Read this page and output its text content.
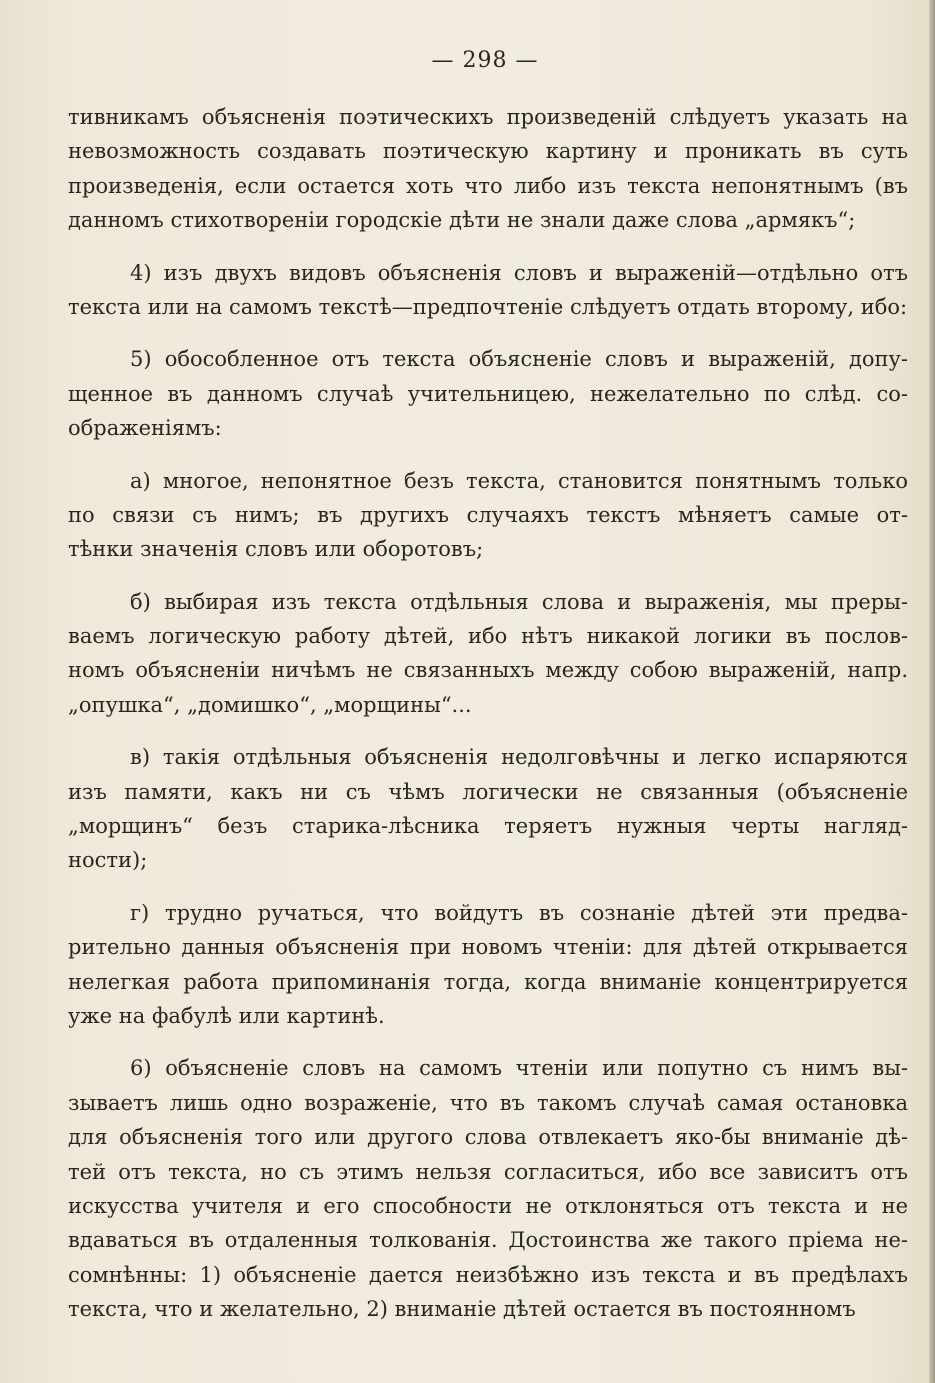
— 298 —
тивникамъ объясненія поэтическихъ произведеній слѣдуетъ указать на
невозможность создавать поэтическую картину и проникать въ суть
произведенія, если остается хоть что либо изъ текста непонятнымъ (въ
данномъ стихотвореніи городскіе дѣти не знали даже слова „армякъ“;
4) изъ двухъ видовъ объясненія словъ и выраженій—отдѣльно отъ
текста или на самомъ текстѣ—предпочтеніе слѣдуетъ отдать второму, ибо:
5) обособленное отъ текста объясненіе словъ и выраженій, допу-
щенное въ данномъ случаѣ учительницею, нежелательно по слѣд. со-
ображеніямъ:
а) многое, непонятное безъ текста, становится понятнымъ только
по связи съ нимъ; въ другихъ случаяхъ текстъ мѣняетъ самые от-
тѣнки значенія словъ или оборотовъ;
б) выбирая изъ текста отдѣльныя слова и выраженія, мы преры-
ваемъ логическую работу дѣтей, ибо нѣтъ никакой логики въ послов-
номъ объясненіи ничѣмъ не связанныхъ между собою выраженій, напр.
„опушка“, „домишко“, „морщины“...
в) такія отдѣльныя объясненія недолговѣчны и легко испаряются
изъ памяти, какъ ни съ чѣмъ логически не связанныя (объясненіе
„морщинъ“ безъ старика-лѣсника теряетъ нужныя черты нагляд-
ности);
г) трудно ручаться, что войдутъ въ сознаніе дѣтей эти предва-
рительно данныя объясненія при новомъ чтеніи: для дѣтей открывается
нелегкая работа припоминанія тогда, когда вниманіе концентрируется
уже на фабулѣ или картинѣ.
6) объясненіе словъ на самомъ чтеніи или попутно съ нимъ вы-
зываетъ лишь одно возраженіе, что въ такомъ случаѣ самая остановка
для объясненія того или другого слова отвлекаетъ яко-бы вниманіе дѣ-
тей отъ текста, но съ этимъ нельзя согласиться, ибо все зависитъ отъ
искусства учителя и его способности не отклоняться отъ текста и не
вдаваться въ отдаленныя толкованія. Достоинства же такого пріема не-
сомнѣнны: 1) объясненіе дается неизбѣжно изъ текста и въ предѣлахъ
текста, что и желательно, 2) вниманіе дѣтей остается въ постоянномъ
